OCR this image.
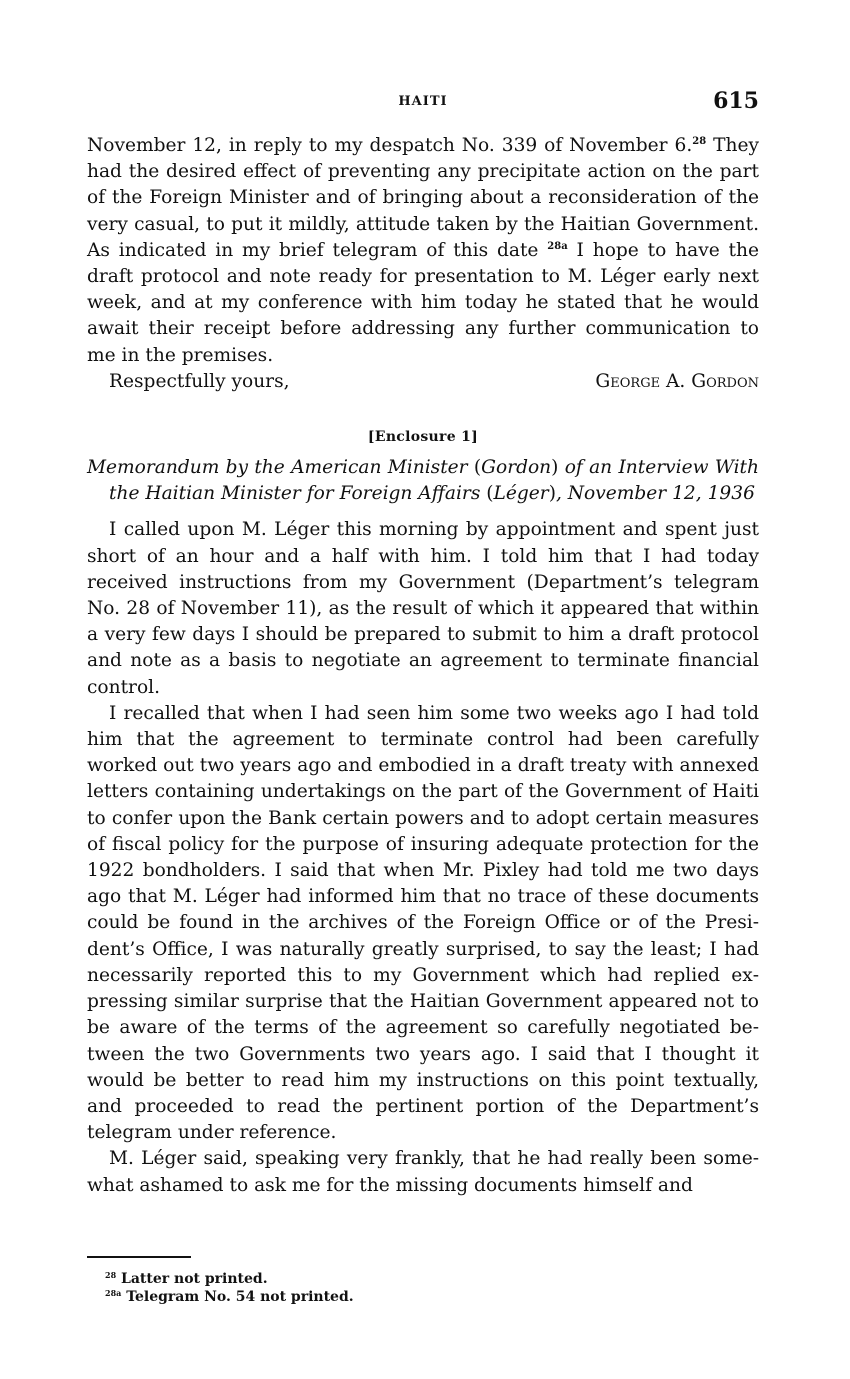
HAITI	615

November 12, in reply to my despatch No. 339 of November 6.28 They had the desired effect of preventing any precipitate action on the part of the Foreign Minister and of bringing about a reconsideration of the very casual, to put it mildly, attitude taken by the Haitian Government. As indicated in my brief telegram of this date $^{28a}$ I hope to have the draft protocol and note ready for presentation to M. Léger early next week, and at my conference with him today he stated that he would await their receipt before addressing any further communication to me in the premises.

Respectfully yours,	George A. Gordon
[Enclosure 1]
Memorandum by the American Minister (Gordon) of an Interview With the Haitian Minister for Foreign Affairs (Léger), November 12, 1936

I called upon M. Léger this morning by appointment and spent just short of an hour and a half with him. I told him that I had today received instructions from my Government (Department’s telegram No. 28 of November 11), as the result of which it appeared that within a very few days I should be prepared to submit to him a draft protocol and note as a basis to negotiate an agreement to terminate financial control.

I recalled that when I had seen him some two weeks ago I had told him that the agreement to terminate control had been carefully worked out two years ago and embodied in a draft treaty with annexed letters containing undertakings on the part of the Government of Haiti to confer upon the Bank certain powers and to adopt certain measures of fiscal policy for the purpose of insuring adequate protection for the 1922 bondholders. I said that when Mr. Pixley had told me two days ago that M. Léger had informed him that no trace of these documents could be found in the archives of the Foreign Office or of the President’s Office, I was naturally greatly surprised, to say the least; I had necessarily reported this to my Government which had replied expressing similar surprise that the Haitian Government appeared not to be aware of the terms of the agreement so carefully negotiated between the two Governments two years ago. I said that I thought it would be better to read him my instructions on this point textually, and proceeded to read the pertinent portion of the Department’s telegram under reference.

M. Léger said, speaking very frankly, that he had really been somewhat ashamed to ask me for the missing documents himself and

$^{28}$ Latter not printed.
$^{28a}$ Telegram No. 54 not printed.
